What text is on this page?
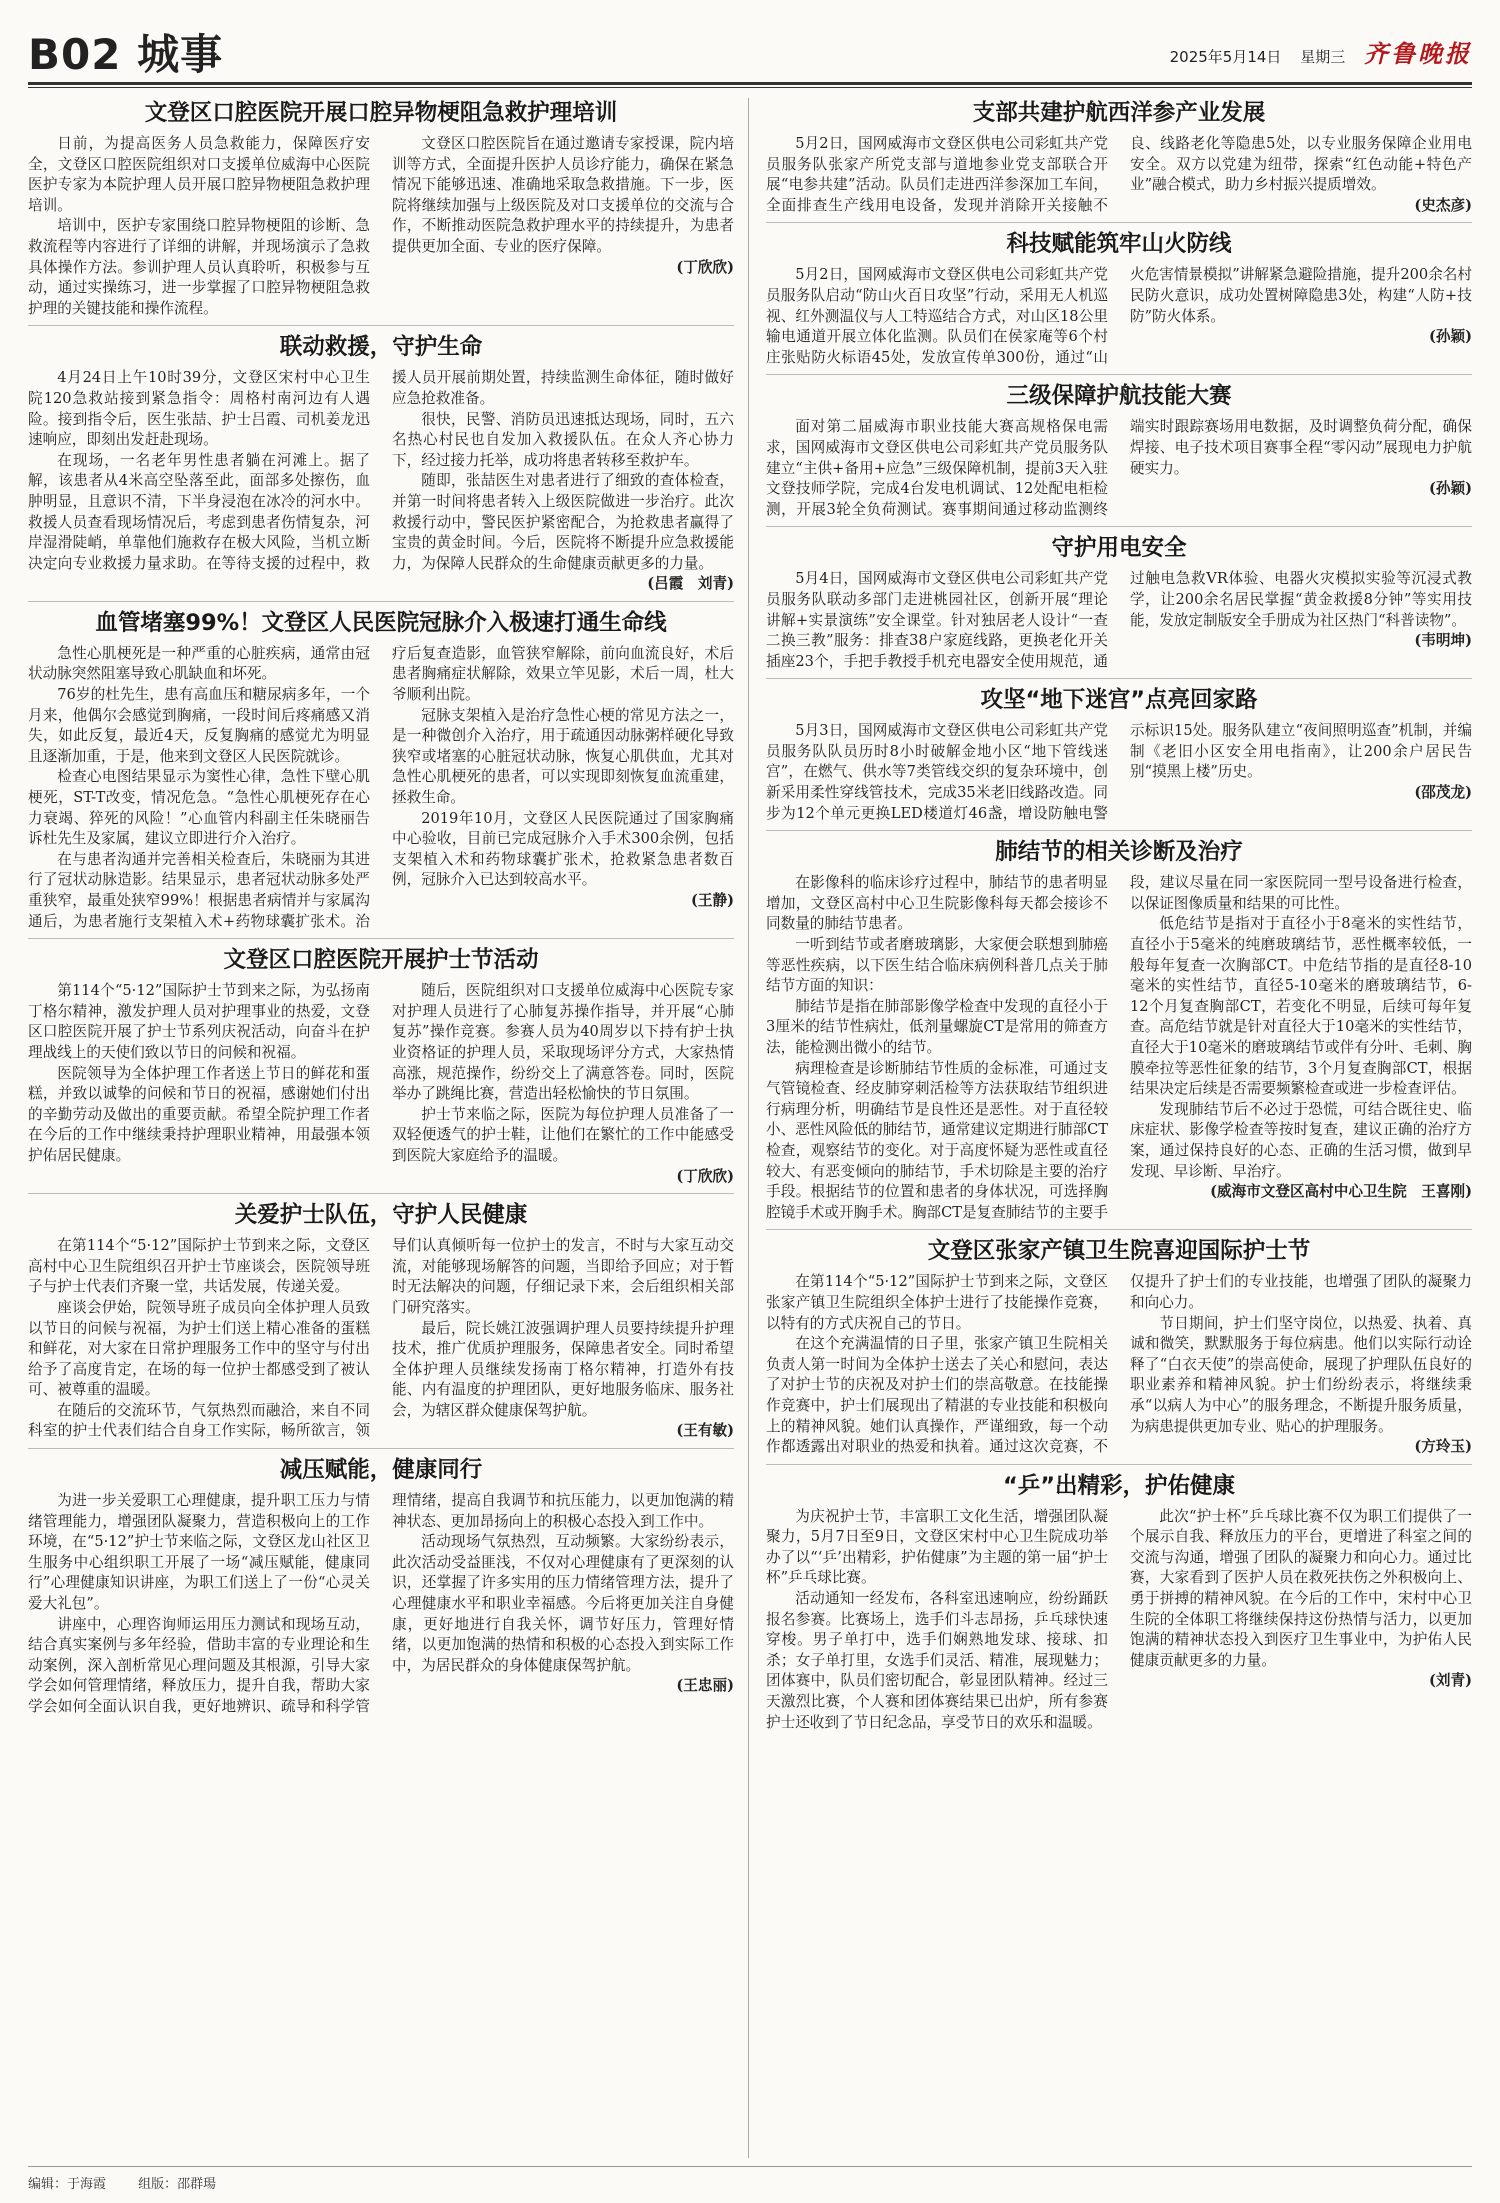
B02 城事	2025年5月14日 星期三 齐鲁晚报
文登区口腔医院开展口腔异物梗阻急救护理培训

日前，为提高医务人员急救能力，保障医疗安全，文登区口腔医院组织对口支援单位威海中心医院医护专家为本院护理人员开展口腔异物梗阻急救护理培训。

培训中，医护专家围绕口腔异物梗阻的诊断、急救流程等内容进行了详细的讲解，并现场演示了急救具体操作方法。参训护理人员认真聆听，积极参与互动，通过实操练习，进一步掌握了口腔异物梗阻急救护理的关键技能和操作流程。

文登区口腔医院旨在通过邀请专家授课，院内培训等方式，全面提升医护人员诊疗能力，确保在紧急情况下能够迅速、准确地采取急救措施。下一步，医院将继续加强与上级医院及对口支援单位的交流与合作，不断推动医院急救护理水平的持续提升，为患者提供更加全面、专业的医疗保障。

(丁欣欣)
联动救援，守护生命

4月24日上午10时39分，文登区宋村中心卫生院120急救站接到紧急指令：周格村南河边有人遇险。接到指令后，医生张喆、护士吕霞、司机姜龙迅速响应，即刻出发赶赴现场。

在现场，一名老年男性患者躺在河滩上。据了解，该患者从4米高空坠落至此，面部多处擦伤，血肿明显，且意识不清，下半身浸泡在冰冷的河水中。救援人员查看现场情况后，考虑到患者伤情复杂，河岸湿滑陡峭，单靠他们施救存在极大风险，当机立断决定向专业救援力量求助。在等待支援的过程中，救援人员开展前期处置，持续监测生命体征，随时做好应急抢救准备。

很快，民警、消防员迅速抵达现场，同时，五六名热心村民也自发加入救援队伍。在众人齐心协力下，经过接力托举，成功将患者转移至救护车。

随即，张喆医生对患者进行了细致的查体检查，并第一时间将患者转入上级医院做进一步治疗。此次救援行动中，警民医护紧密配合，为抢救患者赢得了宝贵的黄金时间。今后，医院将不断提升应急救援能力，为保障人民群众的生命健康贡献更多的力量。

(吕霞　刘青)
血管堵塞99%！文登区人民医院冠脉介入极速打通生命线

急性心肌梗死是一种严重的心脏疾病，通常由冠状动脉突然阻塞导致心肌缺血和坏死。

76岁的杜先生，患有高血压和糖尿病多年，一个月来，他偶尔会感觉到胸痛，一段时间后疼痛感又消失，如此反复，最近4天，反复胸痛的感觉尤为明显且逐渐加重，于是，他来到文登区人民医院就诊。

检查心电图结果显示为窦性心律，急性下壁心肌梗死，ST-T改变，情况危急。“急性心肌梗死存在心力衰竭、猝死的风险！”心血管内科副主任朱晓丽告诉杜先生及家属，建议立即进行介入治疗。

在与患者沟通并完善相关检查后，朱晓丽为其进行了冠状动脉造影。结果显示，患者冠状动脉多处严重狭窄，最重处狭窄99%！根据患者病情并与家属沟通后，为患者施行支架植入术+药物球囊扩张术。治疗后复查造影，血管狭窄解除，前向血流良好，术后患者胸痛症状解除，效果立竿见影，术后一周，杜大爷顺利出院。

冠脉支架植入是治疗急性心梗的常见方法之一，是一种微创介入治疗，用于疏通因动脉粥样硬化导致狭窄或堵塞的心脏冠状动脉，恢复心肌供血，尤其对急性心肌梗死的患者，可以实现即刻恢复血流重建，拯救生命。

2019年10月，文登区人民医院通过了国家胸痛中心验收，目前已完成冠脉介入手术300余例，包括支架植入术和药物球囊扩张术，抢救紧急患者数百例，冠脉介入已达到较高水平。

(王静)
文登区口腔医院开展护士节活动

第114个“5·12”国际护士节到来之际，为弘扬南丁格尔精神，激发护理人员对护理事业的热爱，文登区口腔医院开展了护士节系列庆祝活动，向奋斗在护理战线上的天使们致以节日的问候和祝福。

医院领导为全体护理工作者送上节日的鲜花和蛋糕，并致以诚挚的问候和节日的祝福，感谢她们付出的辛勤劳动及做出的重要贡献。希望全院护理工作者在今后的工作中继续秉持护理职业精神，用最强本领护佑居民健康。

随后，医院组织对口支援单位威海中心医院专家对护理人员进行了心肺复苏操作指导，并开展“心肺复苏”操作竞赛。参赛人员为40周岁以下持有护士执业资格证的护理人员，采取现场评分方式，大家热情高涨，规范操作，纷纷交上了满意答卷。同时，医院举办了跳绳比赛，营造出轻松愉快的节日氛围。

护士节来临之际，医院为每位护理人员准备了一双轻便透气的护士鞋，让他们在繁忙的工作中能感受到医院大家庭给予的温暖。

(丁欣欣)
关爱护士队伍，守护人民健康

在第114个“5·12”国际护士节到来之际，文登区高村中心卫生院组织召开护士节座谈会，医院领导班子与护士代表们齐聚一堂，共话发展，传递关爱。

座谈会伊始，院领导班子成员向全体护理人员致以节日的问候与祝福，为护士们送上精心准备的蛋糕和鲜花，对大家在日常护理服务工作中的坚守与付出给予了高度肯定，在场的每一位护士都感受到了被认可、被尊重的温暖。

在随后的交流环节，气氛热烈而融洽，来自不同科室的护士代表们结合自身工作实际，畅所欲言，领导们认真倾听每一位护士的发言，不时与大家互动交流，对能够现场解答的问题，当即给予回应；对于暂时无法解决的问题，仔细记录下来，会后组织相关部门研究落实。

最后，院长姚江波强调护理人员要持续提升护理技术，推广优质护理服务，保障患者安全。同时希望全体护理人员继续发扬南丁格尔精神，打造外有技能、内有温度的护理团队，更好地服务临床、服务社会，为辖区群众健康保驾护航。

(王有敏)
减压赋能，健康同行

为进一步关爱职工心理健康，提升职工压力与情绪管理能力，增强团队凝聚力，营造积极向上的工作环境，在“5·12”护士节来临之际，文登区龙山社区卫生服务中心组织职工开展了一场“减压赋能，健康同行”心理健康知识讲座，为职工们送上了一份“心灵关爱大礼包”。

讲座中，心理咨询师运用压力测试和现场互动，结合真实案例与多年经验，借助丰富的专业理论和生动案例，深入剖析常见心理问题及其根源，引导大家学会如何管理情绪，释放压力，提升自我，帮助大家学会如何全面认识自我，更好地辨识、疏导和科学管理情绪，提高自我调节和抗压能力，以更加饱满的精神状态、更加昂扬向上的积极心态投入到工作中。

活动现场气氛热烈，互动频繁。大家纷纷表示，此次活动受益匪浅，不仅对心理健康有了更深刻的认识，还掌握了许多实用的压力情绪管理方法，提升了心理健康水平和职业幸福感。今后将更加关注自身健康，更好地进行自我关怀，调节好压力，管理好情绪，以更加饱满的热情和积极的心态投入到实际工作中，为居民群众的身体健康保驾护航。

(王忠丽)
支部共建护航西洋参产业发展

5月2日，国网威海市文登区供电公司彩虹共产党员服务队张家产所党支部与道地参业党支部联合开展“电参共建”活动。队员们走进西洋参深加工车间，全面排查生产线用电设备，发现并消除开关接触不良、线路老化等隐患5处，以专业服务保障企业用电安全。双方以党建为纽带，探索“红色动能+特色产业”融合模式，助力乡村振兴提质增效。

(史杰彦)
科技赋能筑牢山火防线

5月2日，国网威海市文登区供电公司彩虹共产党员服务队启动“防山火百日攻坚”行动，采用无人机巡视、红外测温仪与人工特巡结合方式，对山区18公里输电通道开展立体化监测。队员们在侯家庵等6个村庄张贴防火标语45处，发放宣传单300份，通过“山火危害情景模拟”讲解紧急避险措施，提升200余名村民防火意识，成功处置树障隐患3处，构建“人防+技防”防火体系。

(孙颖)
三级保障护航技能大赛

面对第二届威海市职业技能大赛高规格保电需求，国网威海市文登区供电公司彩虹共产党员服务队建立“主供+备用+应急”三级保障机制，提前3天入驻文登技师学院，完成4台发电机调试、12处配电柜检测，开展3轮全负荷测试。赛事期间通过移动监测终端实时跟踪赛场用电数据，及时调整负荷分配，确保焊接、电子技术项目赛事全程“零闪动”展现电力护航硬实力。

(孙颖)
守护用电安全

5月4日，国网威海市文登区供电公司彩虹共产党员服务队联动多部门走进桃园社区，创新开展“理论讲解+实景演练”安全课堂。针对独居老人设计“一查二换三教”服务：排查38户家庭线路，更换老化开关插座23个，手把手教授手机充电器安全使用规范，通过触电急救VR体验、电器火灾模拟实验等沉浸式教学，让200余名居民掌握“黄金救援8分钟”等实用技能，发放定制版安全手册成为社区热门“科普读物”。

(韦明坤)
攻坚“地下迷宫”点亮回家路

5月3日，国网威海市文登区供电公司彩虹共产党员服务队队员历时8小时破解金地小区“地下管线迷宫”，在燃气、供水等7类管线交织的复杂环境中，创新采用柔性穿线管技术，完成35米老旧线路改造。同步为12个单元更换LED楼道灯46盏，增设防触电警示标识15处。服务队建立“夜间照明巡查”机制，并编制《老旧小区安全用电指南》，让200余户居民告别“摸黑上楼”历史。

(邵茂龙)
肺结节的相关诊断及治疗

在影像科的临床诊疗过程中，肺结节的患者明显增加，文登区高村中心卫生院影像科每天都会接诊不同数量的肺结节患者。

一听到结节或者磨玻璃影，大家便会联想到肺癌等恶性疾病，以下医生结合临床病例科普几点关于肺结节方面的知识：

肺结节是指在肺部影像学检查中发现的直径小于3厘米的结节性病灶，低剂量螺旋CT是常用的筛查方法，能检测出微小的结节。

病理检查是诊断肺结节性质的金标准，可通过支气管镜检查、经皮肺穿刺活检等方法获取结节组织进行病理分析，明确结节是良性还是恶性。对于直径较小、恶性风险低的肺结节，通常建议定期进行肺部CT检查，观察结节的变化。对于高度怀疑为恶性或直径较大、有恶变倾向的肺结节，手术切除是主要的治疗手段。根据结节的位置和患者的身体状况，可选择胸腔镜手术或开胸手术。胸部CT是复查肺结节的主要手段，建议尽量在同一家医院同一型号设备进行检查，以保证图像质量和结果的可比性。

低危结节是指对于直径小于8毫米的实性结节，直径小于5毫米的纯磨玻璃结节，恶性概率较低，一般每年复查一次胸部CT。中危结节指的是直径8-10毫米的实性结节，直径5-10毫米的磨玻璃结节，6-12个月复查胸部CT，若变化不明显，后续可每年复查。高危结节就是针对直径大于10毫米的实性结节，直径大于10毫米的磨玻璃结节或伴有分叶、毛刺、胸膜牵拉等恶性征象的结节，3个月复查胸部CT，根据结果决定后续是否需要频繁检查或进一步检查评估。

发现肺结节后不必过于恐慌，可结合既往史、临床症状、影像学检查等按时复查，建议正确的治疗方案，通过保持良好的心态、正确的生活习惯，做到早发现、早诊断、早治疗。

(威海市文登区高村中心卫生院　王喜刚)
文登区张家产镇卫生院喜迎国际护士节

在第114个“5·12”国际护士节到来之际，文登区张家产镇卫生院组织全体护士进行了技能操作竞赛，以特有的方式庆祝自己的节日。

在这个充满温情的日子里，张家产镇卫生院相关负责人第一时间为全体护士送去了关心和慰问，表达了对护士节的庆祝及对护士们的崇高敬意。在技能操作竞赛中，护士们展现出了精湛的专业技能和积极向上的精神风貌。她们认真操作，严谨细致，每一个动作都透露出对职业的热爱和执着。通过这次竞赛，不仅提升了护士们的专业技能，也增强了团队的凝聚力和向心力。

节日期间，护士们坚守岗位，以热爱、执着、真诚和微笑，默默服务于每位病患。他们以实际行动诠释了“白衣天使”的崇高使命，展现了护理队伍良好的职业素养和精神风貌。护士们纷纷表示，将继续秉承“以病人为中心”的服务理念，不断提升服务质量，为病患提供更加专业、贴心的护理服务。

(方玲玉)
“乒”出精彩，护佑健康

为庆祝护士节，丰富职工文化生活，增强团队凝聚力，5月7日至9日，文登区宋村中心卫生院成功举办了以“‘乒’出精彩，护佑健康”为主题的第一届“护士杯”乒乓球比赛。

活动通知一经发布，各科室迅速响应，纷纷踊跃报名参赛。比赛场上，选手们斗志昂扬，乒乓球快速穿梭。男子单打中，选手们娴熟地发球、接球、扣杀；女子单打里，女选手们灵活、精准，展现魅力；团体赛中，队员们密切配合，彰显团队精神。经过三天激烈比赛，个人赛和团体赛结果已出炉，所有参赛护士还收到了节日纪念品，享受节日的欢乐和温暖。

此次“护士杯”乒乓球比赛不仅为职工们提供了一个展示自我、释放压力的平台，更增进了科室之间的交流与沟通，增强了团队的凝聚力和向心力。通过比赛，大家看到了医护人员在救死扶伤之外积极向上、勇于拼搏的精神风貌。在今后的工作中，宋村中心卫生院的全体职工将继续保持这份热情与活力，以更加饱满的精神状态投入到医疗卫生事业中，为护佑人民健康贡献更多的力量。

(刘青)
编辑：于海霞 组版：邵群瑒
